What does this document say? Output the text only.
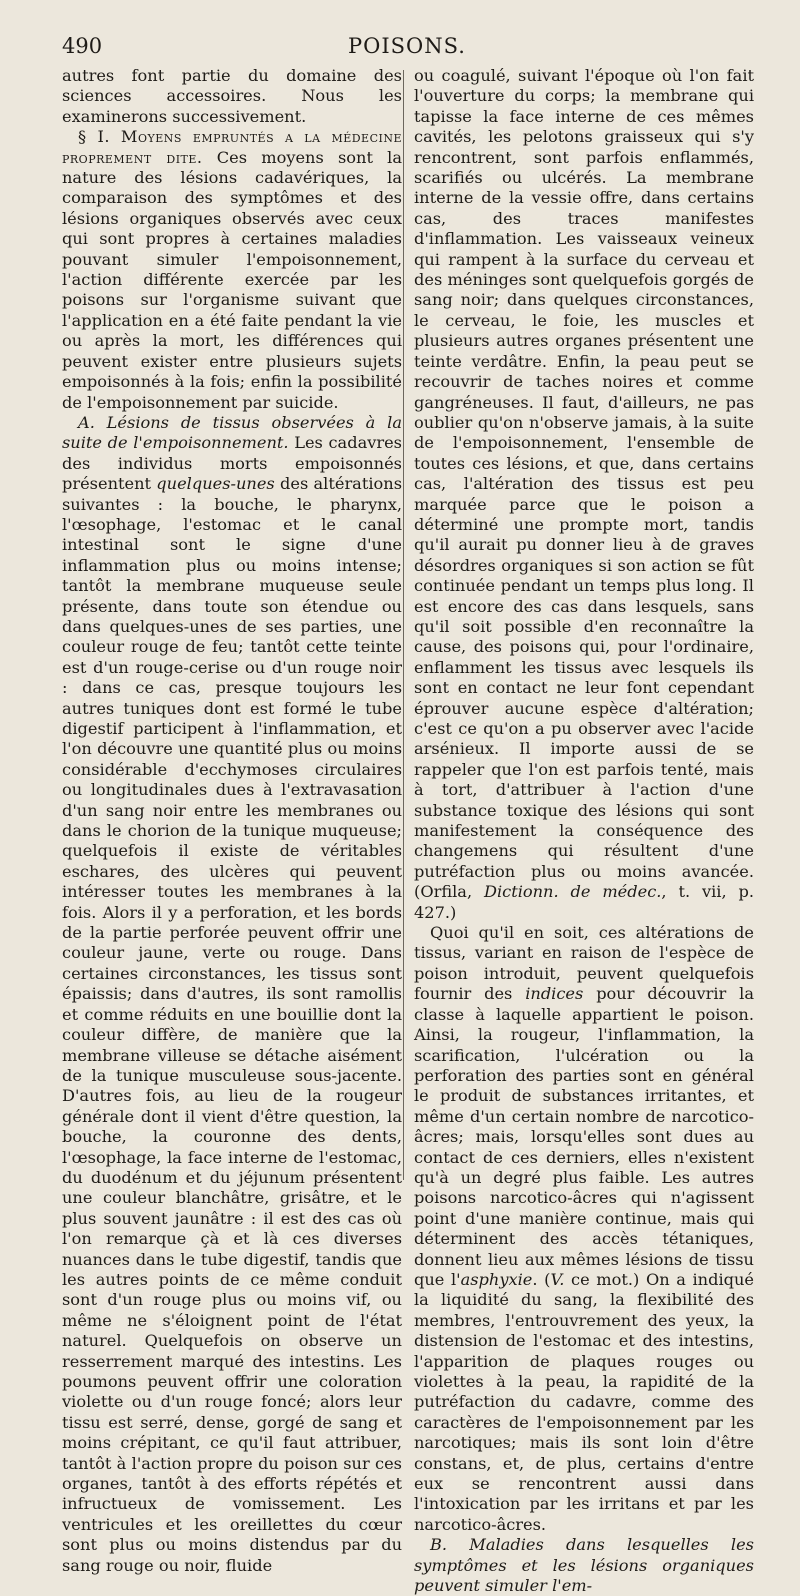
490	POISONS.

autres font partie du domaine des sciences accessoires. Nous les examinerons successivement.

§ I. Moyens empruntés a la médecine proprement dite. Ces moyens sont la nature des lésions cadavériques, la comparaison des symptômes et des lésions organiques observés avec ceux qui sont propres à certaines maladies pouvant simuler l'empoisonnement, l'action différente exercée par les poisons sur l'organisme suivant que l'application en a été faite pendant la vie ou après la mort, les différences qui peuvent exister entre plusieurs sujets empoisonnés à la fois; enfin la possibilité de l'empoisonnement par suicide.

A. Lésions de tissus observées à la suite de l'empoisonnement. Les cadavres des individus morts empoisonnés présentent quelques-unes des altérations suivantes : la bouche, le pharynx, l'œsophage, l'estomac et le canal intestinal sont le signe d'une inflammation plus ou moins intense; tantôt la membrane muqueuse seule présente, dans toute son étendue ou dans quelques-unes de ses parties, une couleur rouge de feu; tantôt cette teinte est d'un rouge-cerise ou d'un rouge noir : dans ce cas, presque toujours les autres tuniques dont est formé le tube digestif participent à l'inflammation, et l'on découvre une quantité plus ou moins considérable d'ecchymoses circulaires ou longitudinales dues à l'extravasation d'un sang noir entre les membranes ou dans le chorion de la tunique muqueuse; quelquefois il existe de véritables eschares, des ulcères qui peuvent intéresser toutes les membranes à la fois. Alors il y a perforation, et les bords de la partie perforée peuvent offrir une couleur jaune, verte ou rouge. Dans certaines circonstances, les tissus sont épaissis; dans d'autres, ils sont ramollis et comme réduits en une bouillie dont la couleur diffère, de manière que la membrane villeuse se détache aisément de la tunique musculeuse sous-jacente. D'autres fois, au lieu de la rougeur générale dont il vient d'être question, la bouche, la couronne des dents, l'œsophage, la face interne de l'estomac, du duodénum et du jéjunum présentent une couleur blanchâtre, grisâtre, et le plus souvent jaunâtre : il est des cas où l'on remarque çà et là ces diverses nuances dans le tube digestif, tandis que les autres points de ce même conduit sont d'un rouge plus ou moins vif, ou même ne s'éloignent point de l'état naturel. Quelquefois on observe un resserrement marqué des intestins. Les poumons peuvent offrir une coloration violette ou d'un rouge foncé; alors leur tissu est serré, dense, gorgé de sang et moins crépitant, ce qu'il faut attribuer, tantôt à l'action propre du poison sur ces organes, tantôt à des efforts répétés et infructueux de vomissement. Les ventricules et les oreillettes du cœur sont plus ou moins distendus par du sang rouge ou noir, fluide

ou coagulé, suivant l'époque où l'on fait l'ouverture du corps; la membrane qui tapisse la face interne de ces mêmes cavités, les pelotons graisseux qui s'y rencontrent, sont parfois enflammés, scarifiés ou ulcérés. La membrane interne de la vessie offre, dans certains cas, des traces manifestes d'inflammation. Les vaisseaux veineux qui rampent à la surface du cerveau et des méninges sont quelquefois gorgés de sang noir; dans quelques circonstances, le cerveau, le foie, les muscles et plusieurs autres organes présentent une teinte verdâtre. Enfin, la peau peut se recouvrir de taches noires et comme gangréneuses. Il faut, d'ailleurs, ne pas oublier qu'on n'observe jamais, à la suite de l'empoisonnement, l'ensemble de toutes ces lésions, et que, dans certains cas, l'altération des tissus est peu marquée parce que le poison a déterminé une prompte mort, tandis qu'il aurait pu donner lieu à de graves désordres organiques si son action se fût continuée pendant un temps plus long. Il est encore des cas dans lesquels, sans qu'il soit possible d'en reconnaître la cause, des poisons qui, pour l'ordinaire, enflamment les tissus avec lesquels ils sont en contact ne leur font cependant éprouver aucune espèce d'altération; c'est ce qu'on a pu observer avec l'acide arsénieux. Il importe aussi de se rappeler que l'on est parfois tenté, mais à tort, d'attribuer à l'action d'une substance toxique des lésions qui sont manifestement la conséquence des changemens qui résultent d'une putréfaction plus ou moins avancée. (Orfila, Dictionn. de médec., t. vii, p. 427.)

Quoi qu'il en soit, ces altérations de tissus, variant en raison de l'espèce de poison introduit, peuvent quelquefois fournir des indices pour découvrir la classe à laquelle appartient le poison. Ainsi, la rougeur, l'inflammation, la scarification, l'ulcération ou la perforation des parties sont en général le produit de substances irritantes, et même d'un certain nombre de narcotico-âcres; mais, lorsqu'elles sont dues au contact de ces derniers, elles n'existent qu'à un degré plus faible. Les autres poisons narcotico-âcres qui n'agissent point d'une manière continue, mais qui déterminent des accès tétaniques, donnent lieu aux mêmes lésions de tissu que l'asphyxie. (V. ce mot.) On a indiqué la liquidité du sang, la flexibilité des membres, l'entrouvrement des yeux, la distension de l'estomac et des intestins, l'apparition de plaques rouges ou violettes à la peau, la rapidité de la putréfaction du cadavre, comme des caractères de l'empoisonnement par les narcotiques; mais ils sont loin d'être constans, et, de plus, certains d'entre eux se rencontrent aussi dans l'intoxication par les irritans et par les narcotico-âcres.

B. Maladies dans lesquelles les symptômes et les lésions organiques peuvent simuler l'em-
